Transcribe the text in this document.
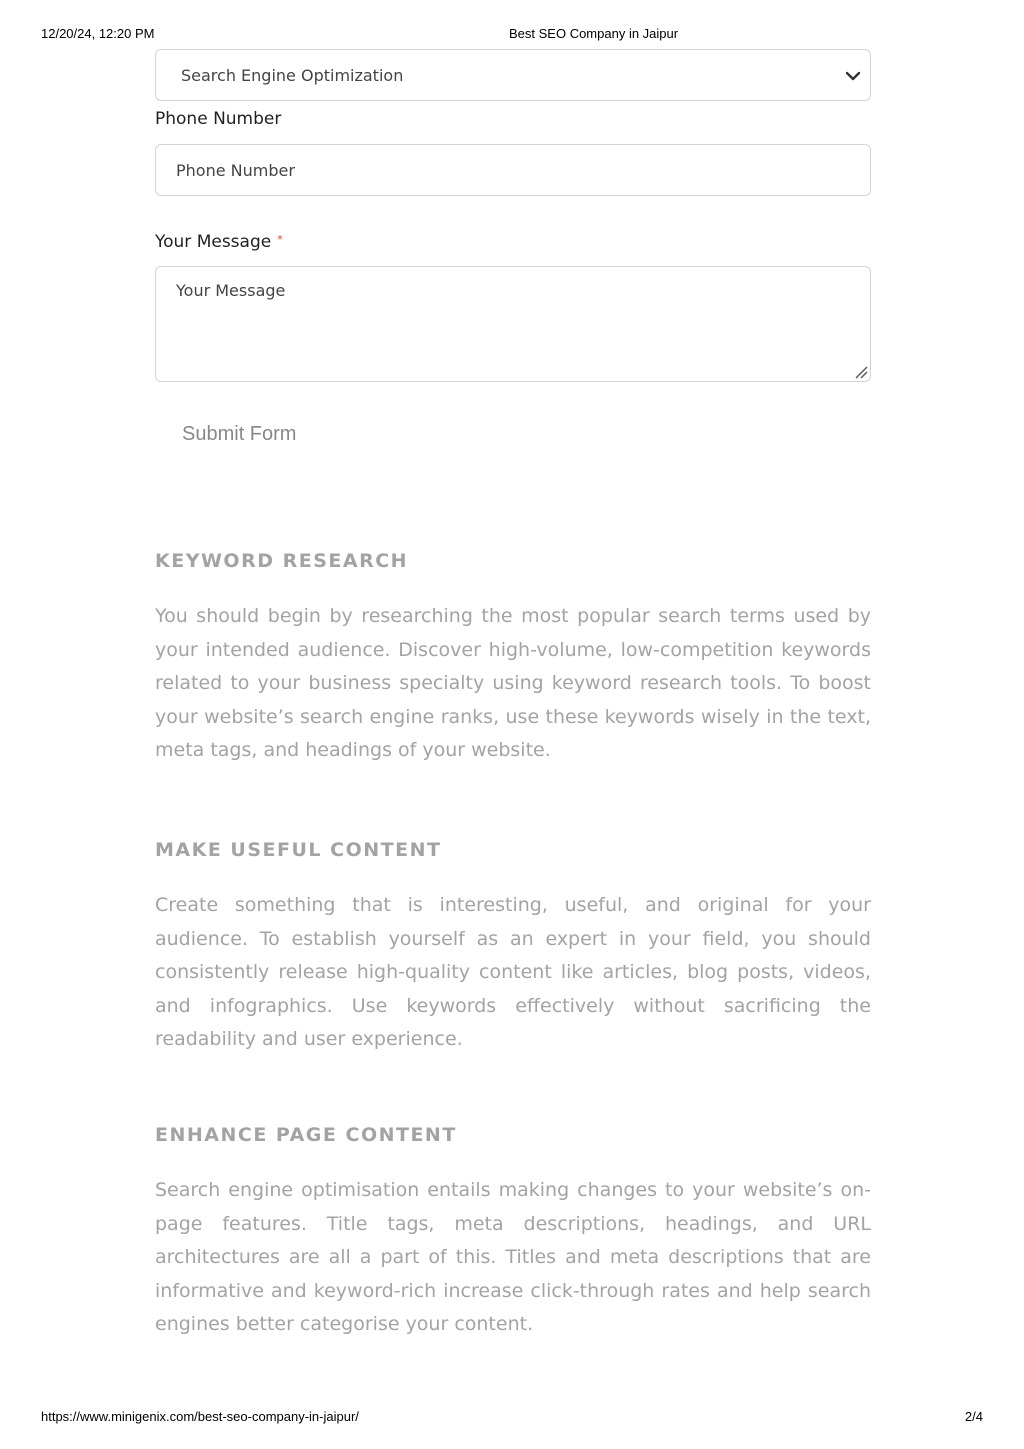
12/20/24, 12:20 PM	Best SEO Company in Jaipur
Search Engine Optimization
Phone Number
Phone Number
Your Message *
Your Message
Submit Form
KEYWORD RESEARCH
You should begin by researching the most popular search terms used by your intended audience. Discover high-volume, low-competition keywords related to your business specialty using keyword research tools. To boost your website’s search engine ranks, use these keywords wisely in the text, meta tags, and headings of your website.
MAKE USEFUL CONTENT
Create something that is interesting, useful, and original for your audience. To establish yourself as an expert in your field, you should consistently release high-quality content like articles, blog posts, videos, and infographics. Use keywords effectively without sacrificing the readability and user experience.
ENHANCE PAGE CONTENT
Search engine optimisation entails making changes to your website’s on-page features. Title tags, meta descriptions, headings, and URL architectures are all a part of this. Titles and meta descriptions that are informative and keyword-rich increase click-through rates and help search engines better categorise your content.
https://www.minigenix.com/best-seo-company-in-jaipur/	2/4
